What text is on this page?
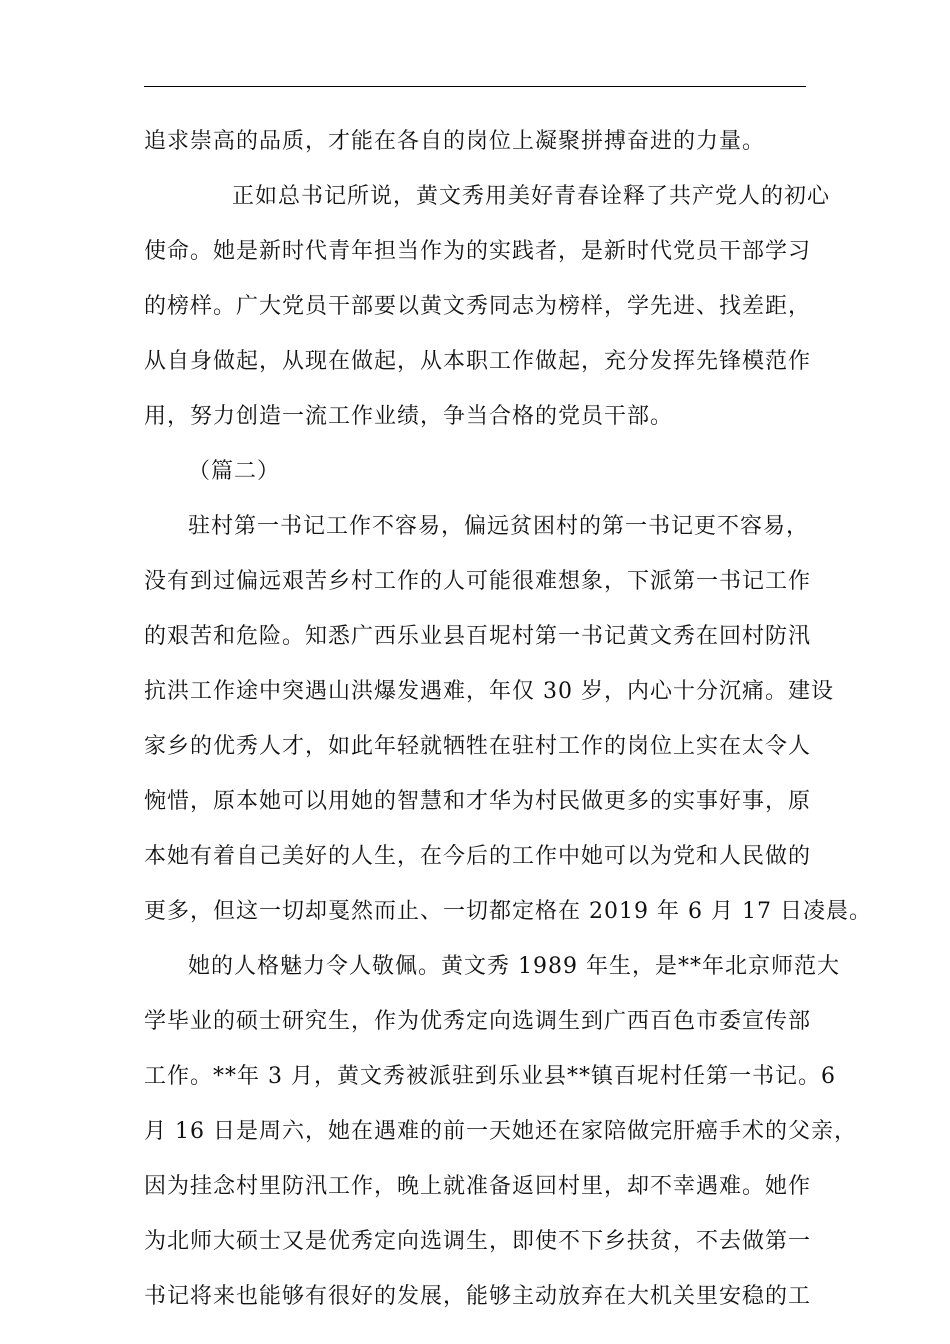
追求崇高的品质，才能在各自的岗位上凝聚拼搏奋进的力量。
正如总书记所说，黄文秀用美好青春诠释了共产党人的初心
使命。她是新时代青年担当作为的实践者，是新时代党员干部学习
的榜样。广大党员干部要以黄文秀同志为榜样，学先进、找差距，
从自身做起，从现在做起，从本职工作做起，充分发挥先锋模范作
用，努力创造一流工作业绩，争当合格的党员干部。
（篇二）
驻村第一书记工作不容易，偏远贫困村的第一书记更不容易，
没有到过偏远艰苦乡村工作的人可能很难想象，下派第一书记工作
的艰苦和危险。知悉广西乐业县百坭村第一书记黄文秀在回村防汛
抗洪工作途中突遇山洪爆发遇难，年仅 30 岁，内心十分沉痛。建设
家乡的优秀人才，如此年轻就牺牲在驻村工作的岗位上实在太令人
惋惜，原本她可以用她的智慧和才华为村民做更多的实事好事，原
本她有着自己美好的人生，在今后的工作中她可以为党和人民做的
更多，但这一切却戛然而止、一切都定格在 2019 年 6 月 17 日凌晨。
她的人格魅力令人敬佩。黄文秀 1989 年生，是**年北京师范大
学毕业的硕士研究生，作为优秀定向选调生到广西百色市委宣传部
工作。**年 3 月，黄文秀被派驻到乐业县**镇百坭村任第一书记。6
月 16 日是周六，她在遇难的前一天她还在家陪做完肝癌手术的父亲，
因为挂念村里防汛工作，晚上就准备返回村里，却不幸遇难。她作
为北师大硕士又是优秀定向选调生，即使不下乡扶贫，不去做第一
书记将来也能够有很好的发展，能够主动放弃在大机关里安稳的工
